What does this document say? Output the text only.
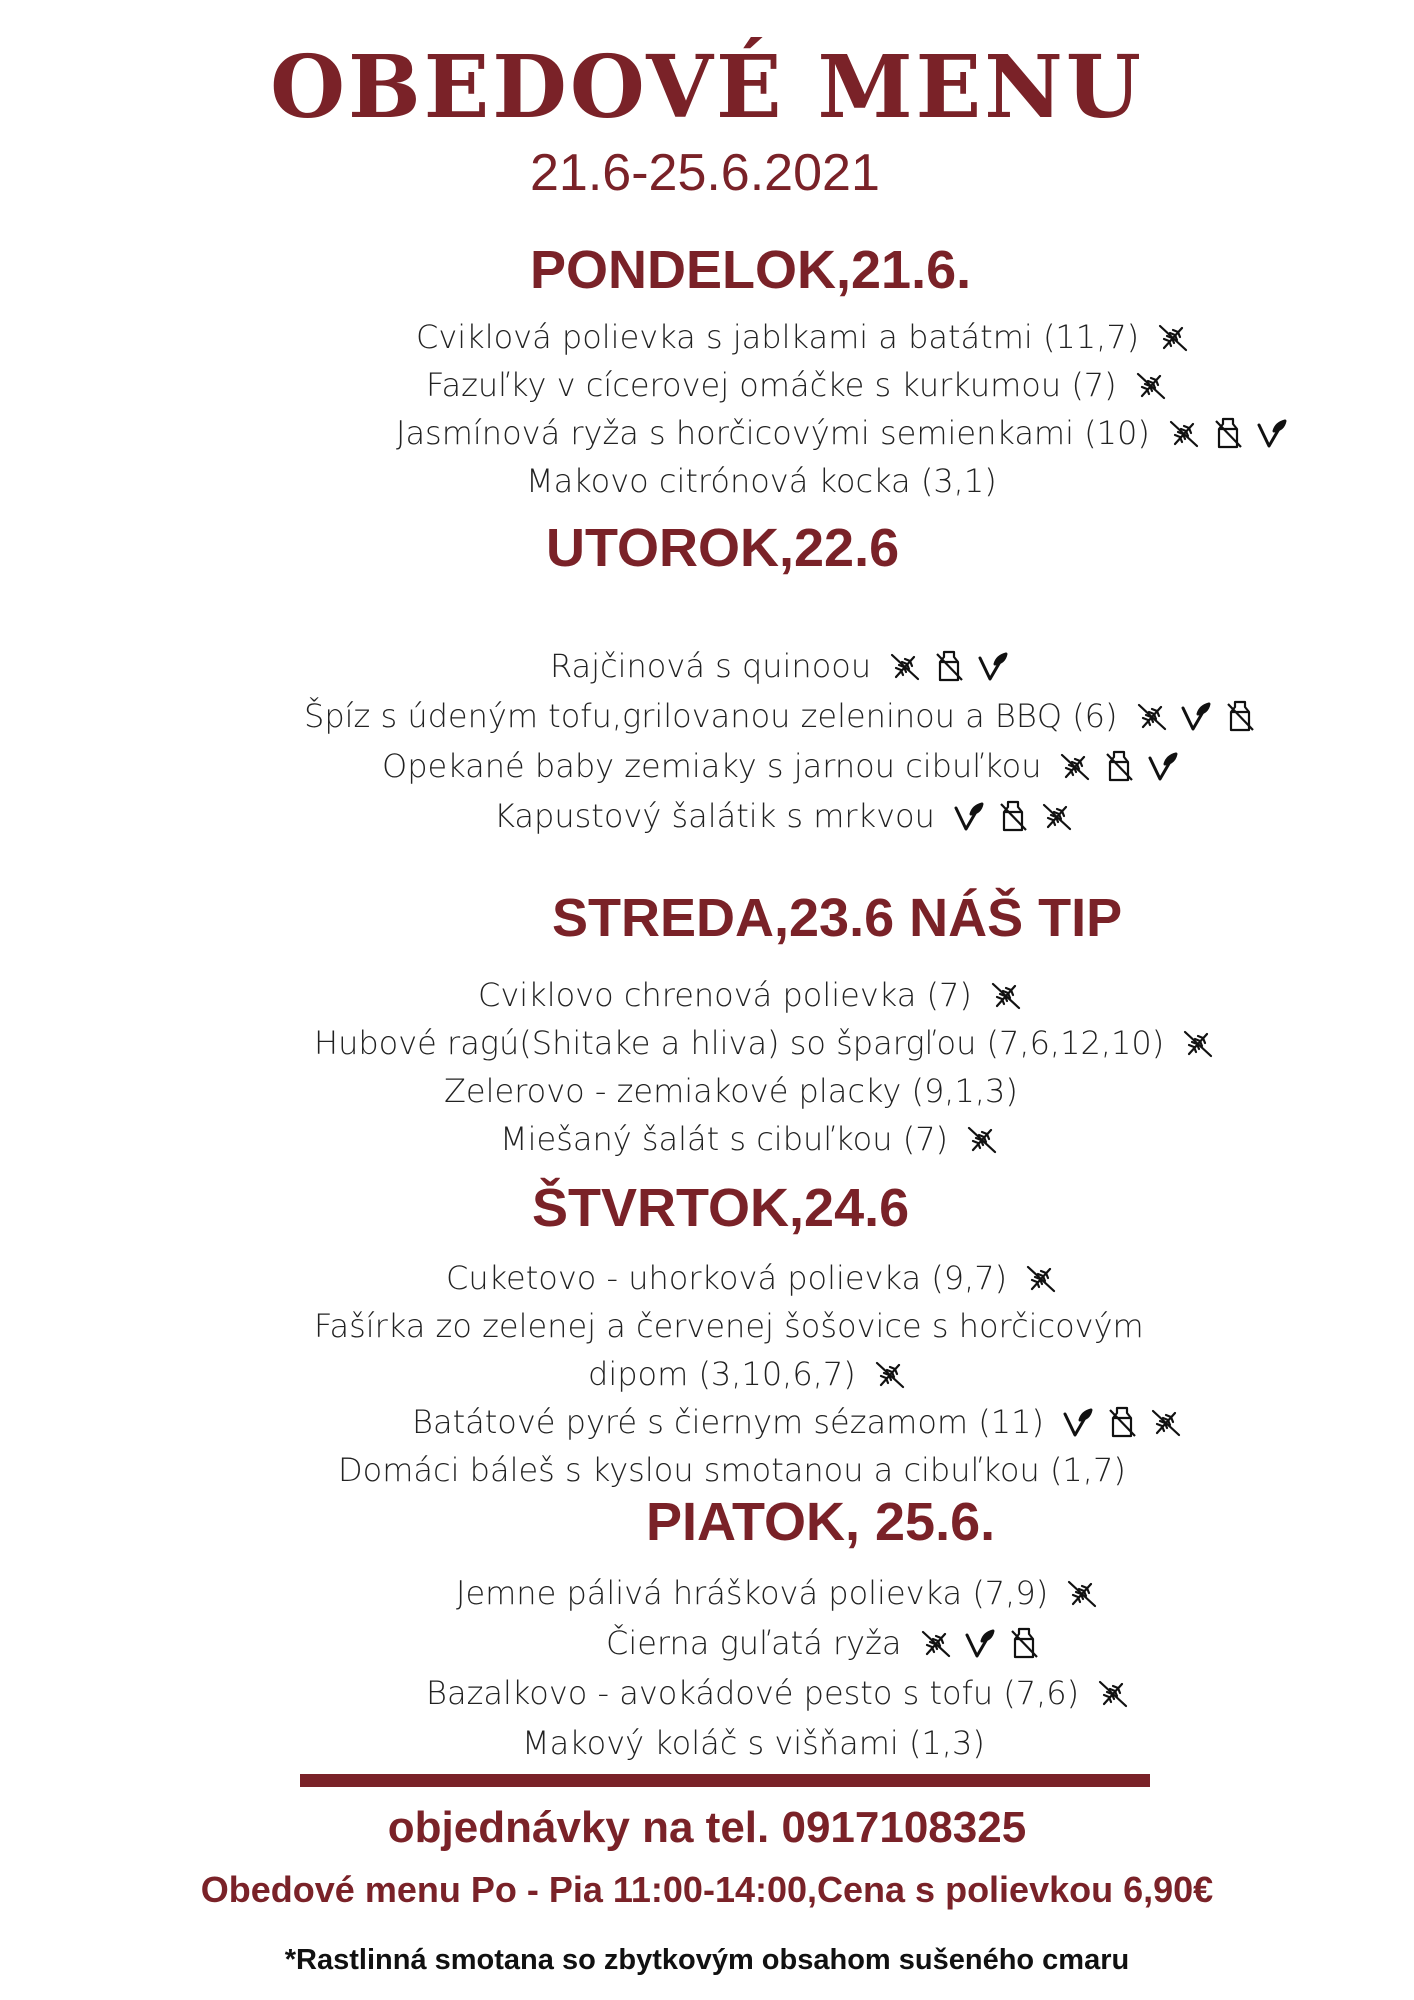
OBEDOVÉ MENU
21.6-25.6.2021
PONDELOK,21.6.
Cviklová polievka s jablkami a batátmi (11,7)
Fazuľky v cícerovej omáčke s kurkumou (7)
Jasmínová ryža s horčicovými semienkami (10)
Makovo citrónová kocka (3,1)
UTOROK,22.6
Rajčinová s quinoou
Špíz s údeným tofu,grilovanou zeleninou a BBQ (6)
Opekané baby zemiaky s jarnou cibuľkou
Kapustový šalátik s mrkvou
STREDA,23.6 NÁŠ TIP
Cviklovo chrenová polievka (7)
Hubové ragú(Shitake a hliva) so špargľou (7,6,12,10)
Zelerovo - zemiakové placky (9,1,3)
Miešaný šalát s cibuľkou (7)
ŠTVRTOK,24.6
Cuketovo - uhorková polievka (9,7)
Fašírka zo zelenej a červenej šošovice s horčicovým
dipom (3,10,6,7)
Batátové pyré s čiernym sézamom (11)
Domáci báleš s kyslou smotanou a cibuľkou (1,7)
PIATOK, 25.6.
Jemne pálivá hrášková polievka (7,9)
Čierna guľatá ryža
Bazalkovo - avokádové pesto s tofu (7,6)
Makový koláč s višňami (1,3)
objednávky na tel. 0917108325
Obedové menu Po - Pia 11:00-14:00,Cena s polievkou 6,90€
*Rastlinná smotana so zbytkovým obsahom sušeného cmaru
